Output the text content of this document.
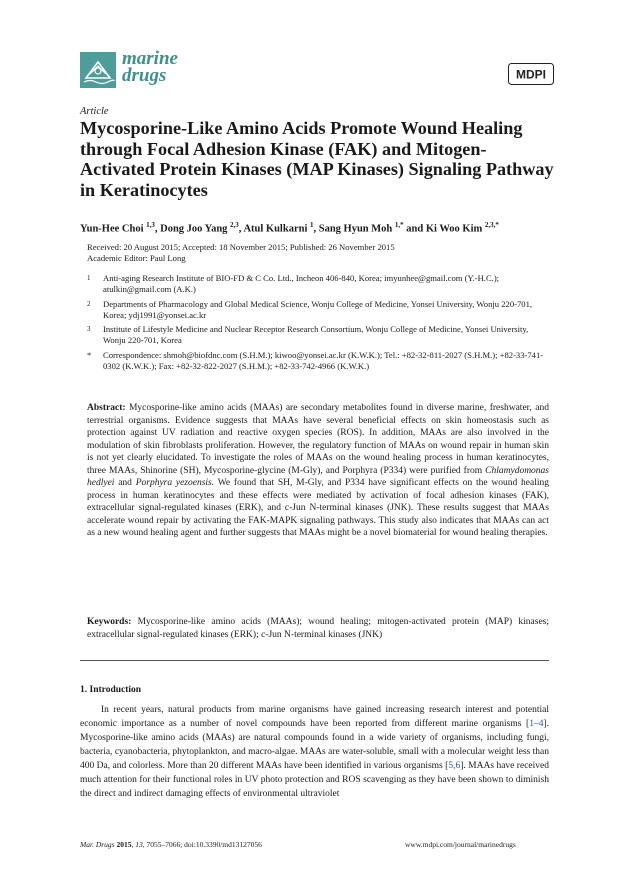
marine
drugs	MDPI
Article
Mycosporine-Like Amino Acids Promote Wound Healing through Focal Adhesion Kinase (FAK) and Mitogen-Activated Protein Kinases (MAP Kinases) Signaling Pathway in Keratinocytes
Yun-Hee Choi $^{1,3}$, Dong Joo Yang $^{2,3}$, Atul Kulkarni $^1$, Sang Hyun Moh $^{1,*}$ and Ki Woo Kim $^{2,3,*}$
Received: 20 August 2015; Accepted: 18 November 2015; Published: 26 November 2015
Academic Editor: Paul Long
1 Anti-aging Research Institute of BIO-FD & C Co. Ltd., Incheon 406-840, Korea; imyunhee@gmail.com (Y.-H.C.); atulkin@gmail.com (A.K.)
2 Departments of Pharmacology and Global Medical Science, Wonju College of Medicine, Yonsei University, Wonju 220-701, Korea; ydj1991@yonsei.ac.kr
3 Institute of Lifestyle Medicine and Nuclear Receptor Research Consortium, Wonju College of Medicine, Yonsei University, Wonju 220-701, Korea
* Correspondence: shmoh@biofdnc.com (S.H.M.); kiwoo@yonsei.ac.kr (K.W.K.); Tel.: +82-32-811-2027 (S.H.M.); +82-33-741-0302 (K.W.K.); Fax: +82-32-822-2027 (S.H.M.); +82-33-742-4966 (K.W.K.)

Abstract: Mycosporine-like amino acids (MAAs) are secondary metabolites found in diverse marine, freshwater, and terrestrial organisms. Evidence suggests that MAAs have several beneficial effects on skin homeostasis such as protection against UV radiation and reactive oxygen species (ROS). In addition, MAAs are also involved in the modulation of skin fibroblasts proliferation. However, the regulatory function of MAAs on wound repair in human skin is not yet clearly elucidated. To investigate the roles of MAAs on the wound healing process in human keratinocytes, three MAAs, Shinorine (SH), Mycosporine-glycine (M-Gly), and Porphyra (P334) were purified from Chlamydomonas hedlyei and Porphyra yezoensis. We found that SH, M-Gly, and P334 have significant effects on the wound healing process in human keratinocytes and these effects were mediated by activation of focal adhesion kinases (FAK), extracellular signal-regulated kinases (ERK), and c-Jun N-terminal kinases (JNK). These results suggest that MAAs accelerate wound repair by activating the FAK-MAPK signaling pathways. This study also indicates that MAAs can act as a new wound healing agent and further suggests that MAAs might be a novel biomaterial for wound healing therapies.

Keywords: Mycosporine-like amino acids (MAAs); wound healing; mitogen-activated protein (MAP) kinases; extracellular signal-regulated kinases (ERK); c-Jun N-terminal kinases (JNK)

1. Introduction

In recent years, natural products from marine organisms have gained increasing research interest and potential economic importance as a number of novel compounds have been reported from different marine organisms [1–4]. Mycosporine-like amino acids (MAAs) are natural compounds found in a wide variety of organisms, including fungi, bacteria, cyanobacteria, phytoplankton, and macro-algae. MAAs are water-soluble, small with a molecular weight less than 400 Da, and colorless. More than 20 different MAAs have been identified in various organisms [5,6]. MAAs have received much attention for their functional roles in UV photo protection and ROS scavenging as they have been shown to diminish the direct and indirect damaging effects of environmental ultraviolet

Mar. Drugs 2015, 13, 7055–7066; doi:10.3390/md13127056	www.mdpi.com/journal/marinedrugs
